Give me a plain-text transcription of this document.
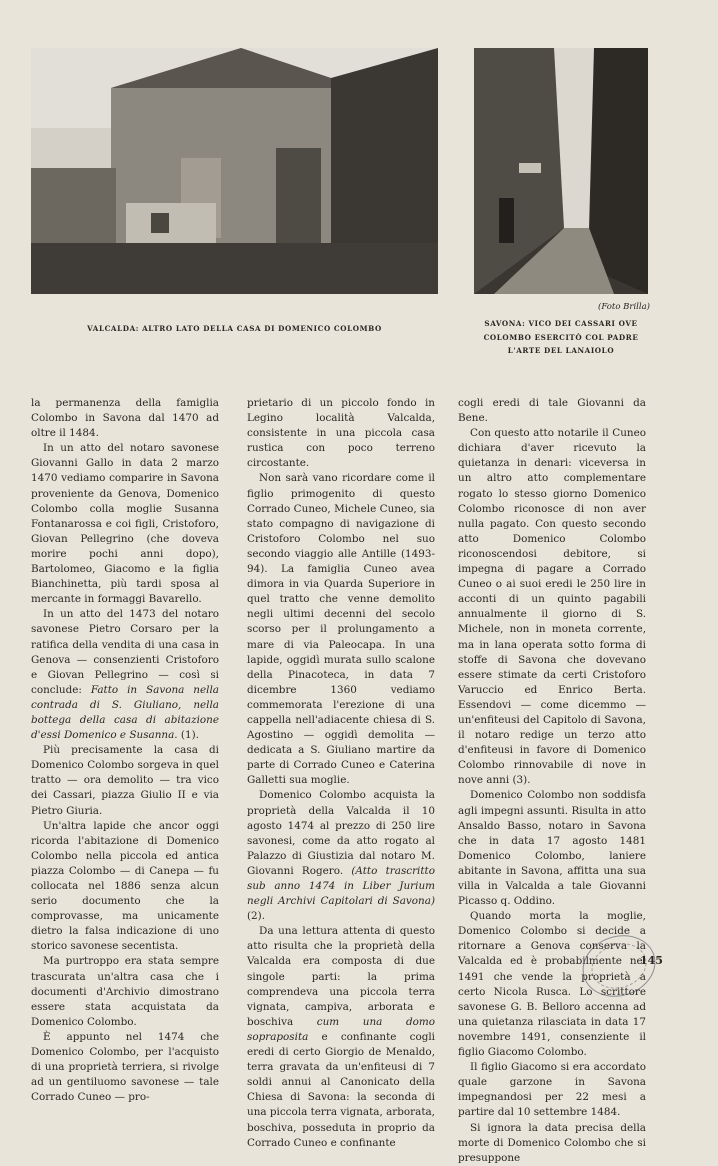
(Foto Brilla)
VALCALDA: ALTRO LATO DELLA CASA DI DOMENICO COLOMBO
SAVONA: VICO DEI CASSARI OVE COLOMBO ESERCITÒ COL PADRE L'ARTE DEL LANAIOLO

la permanenza della famiglia Colombo in Savona dal 1470 ad oltre il 1484.

In un atto del notaro savonese Giovanni Gallo in data 2 marzo 1470 vediamo comparire in Savona proveniente da Genova, Domenico Colombo colla moglie Susanna Fontanarossa e coi figli, Cristoforo, Giovan Pellegrino (che doveva morire pochi anni dopo), Bartolomeo, Giacomo e la figlia Bianchinetta, più tardi sposa al mercante in formaggi Bavarello.

In un atto del 1473 del notaro savonese Pietro Corsaro per la ratifica della vendita di una casa in Genova — consenzienti Cristoforo e Giovan Pellegrino — così si conclude: Fatto in Savona nella contrada di S. Giuliano, nella bottega della casa di abitazione d'essi Domenico e Susanna. (1).

Più precisamente la casa di Domenico Colombo sorgeva in quel tratto — ora demolito — tra vico dei Cassari, piazza Giulio II e via Pietro Giuria.

Un'altra lapide che ancor oggi ricorda l'abitazione di Domenico Colombo nella piccola ed antica piazza Colombo — di Canepa — fu collocata nel 1886 senza alcun serio documento che la comprovasse, ma unicamente dietro la falsa indicazione di uno storico savonese secentista.

Ma purtroppo era stata sempre trascurata un'altra casa che i documenti d'Archivio dimostrano essere stata acquistata da Domenico Colombo.

È appunto nel 1474 che Domenico Colombo, per l'acquisto di una proprietà terriera, si rivolge ad un gentiluomo savonese — tale Corrado Cuneo — pro-

prietario di un piccolo fondo in Legino località Valcalda, consistente in una piccola casa rustica con poco terreno circostante.

Non sarà vano ricordare come il figlio primogenito di questo Corrado Cuneo, Michele Cuneo, sia stato compagno di navigazione di Cristoforo Colombo nel suo secondo viaggio alle Antille (1493-94). La famiglia Cuneo avea dimora in via Quarda Superiore in quel tratto che venne demolito negli ultimi decenni del secolo scorso per il prolungamento a mare di via Paleocapa. In una lapide, oggidì murata sullo scalone della Pinacoteca, in data 7 dicembre 1360 vediamo commemorata l'erezione di una cappella nell'adiacente chiesa di S. Agostino — oggidì demolita — dedicata a S. Giuliano martire da parte di Corrado Cuneo e Caterina Galletti sua moglie.

Domenico Colombo acquista la proprietà della Valcalda il 10 agosto 1474 al prezzo di 250 lire savonesi, come da atto rogato al Palazzo di Giustizia dal notaro M. Giovanni Rogero. (Atto trascritto sub anno 1474 in Liber Jurium negli Archivi Capitolari di Savona) (2).

Da una lettura attenta di questo atto risulta che la proprietà della Valcalda era composta di due singole parti: la prima comprendeva una piccola terra vignata, campiva, arborata e boschiva cum una domo sopraposita e confinante cogli eredi di certo Giorgio de Menaldo, terra gravata da un'enfiteusi di 7 soldi annui al Canonicato della Chiesa di Savona: la seconda di una piccola terra vignata, arborata, boschiva, posseduta in proprio da Corrado Cuneo e confinante

cogli eredi di tale Giovanni da Bene.

Con questo atto notarile il Cuneo dichiara d'aver ricevuto la quietanza in denari: viceversa in un altro atto complementare rogato lo stesso giorno Domenico Colombo riconosce di non aver nulla pagato. Con questo secondo atto Domenico Colombo riconoscendosi debitore, si impegna di pagare a Corrado Cuneo o ai suoi eredi le 250 lire in acconti di un quinto pagabili annualmente il giorno di S. Michele, non in moneta corrente, ma in lana operata sotto forma di stoffe di Savona che dovevano essere stimate da certi Cristoforo Varuccio ed Enrico Berta. Essendovi — come dicemmo — un'enfiteusi del Capitolo di Savona, il notaro redige un terzo atto d'enfiteusi in favore di Domenico Colombo rinnovabile di nove in nove anni (3).

Domenico Colombo non soddisfa agli impegni assunti. Risulta in atto Ansaldo Basso, notaro in Savona che in data 17 agosto 1481 Domenico Colombo, laniere abitante in Savona, affitta una sua villa in Valcalda a tale Giovanni Picasso q. Oddino.

Quando morta la moglie, Domenico Colombo si decide a ritornare a Genova conserva la Valcalda ed è probabilmente nel 1491 che vende la proprietà a certo Nicola Rusca. Lo scrittore savonese G. B. Belloro accenna ad una quietanza rilasciata in data 17 novembre 1491, consenziente il figlio Giacomo Colombo.

Il figlio Giacomo si era accordato quale garzone in Savona impegnandosi per 22 mesi a partire dal 10 settembre 1484.

Si ignora la data precisa della morte di Domenico Colombo che si presuppone

145
